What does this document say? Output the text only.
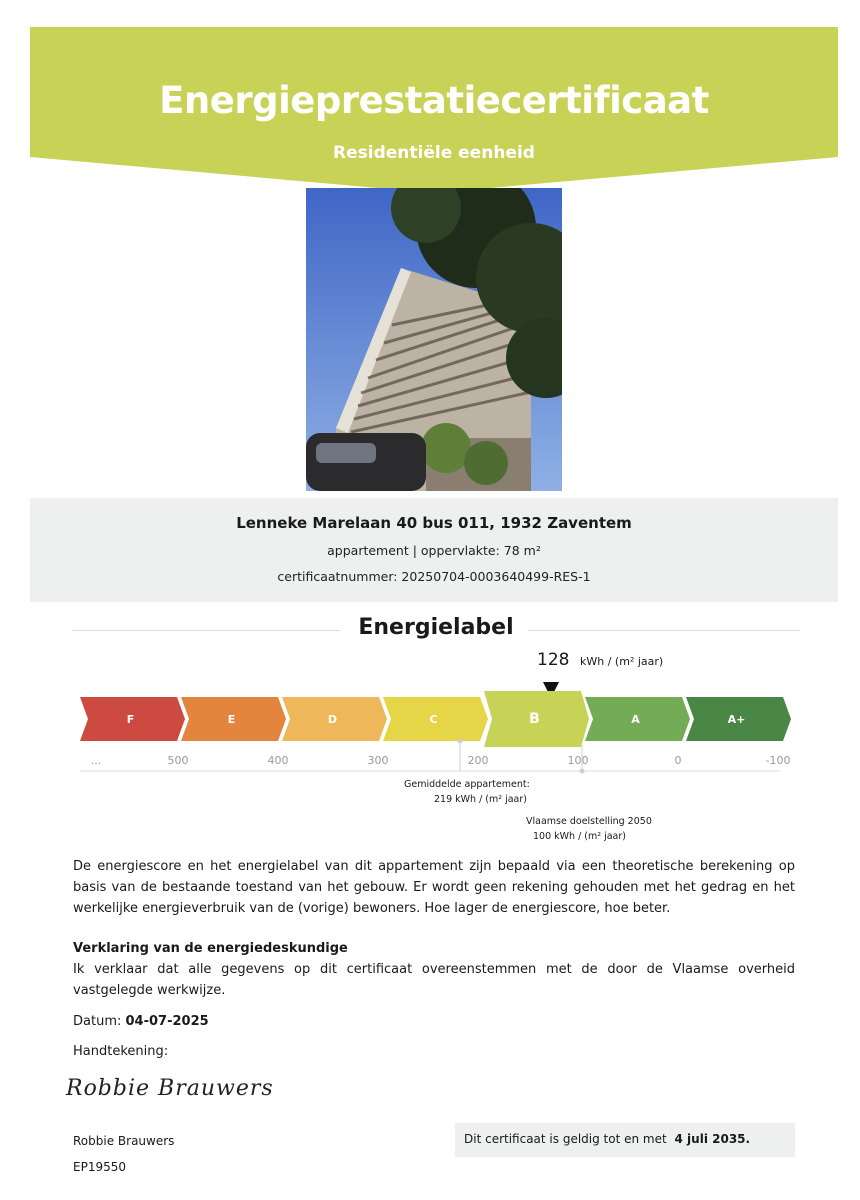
Energieprestatiecertificaat
Residentiële eenheid
Lenneke Marelaan 40 bus 011, 1932 Zaventem
appartement | oppervlakte: 78 m²
certificaatnummer: 20250704-0003640499-RES-1
Energielabel
128 kWh / (m² jaar)
F	E	D	C	B	A	A+
...	500	400	300	200	100	0	-100
Gemiddelde appartement:
219 kWh / (m² jaar)
Vlaamse doelstelling 2050
100 kWh / (m² jaar)
De energiescore en het energielabel van dit appartement zijn bepaald via een theoretische berekening op basis van de bestaande toestand van het gebouw. Er wordt geen rekening gehouden met het gedrag en het werkelijke energieverbruik van de (vorige) bewoners. Hoe lager de energiescore, hoe beter.
Verklaring van de energiedeskundige
Ik verklaar dat alle gegevens op dit certificaat overeenstemmen met de door de Vlaamse overheid vastgelegde werkwijze.
Datum: 04-07-2025
Handtekening:
Robbie Brauwers
Robbie Brauwers
EP19550
Dit certificaat is geldig tot en met 4 juli 2035.
